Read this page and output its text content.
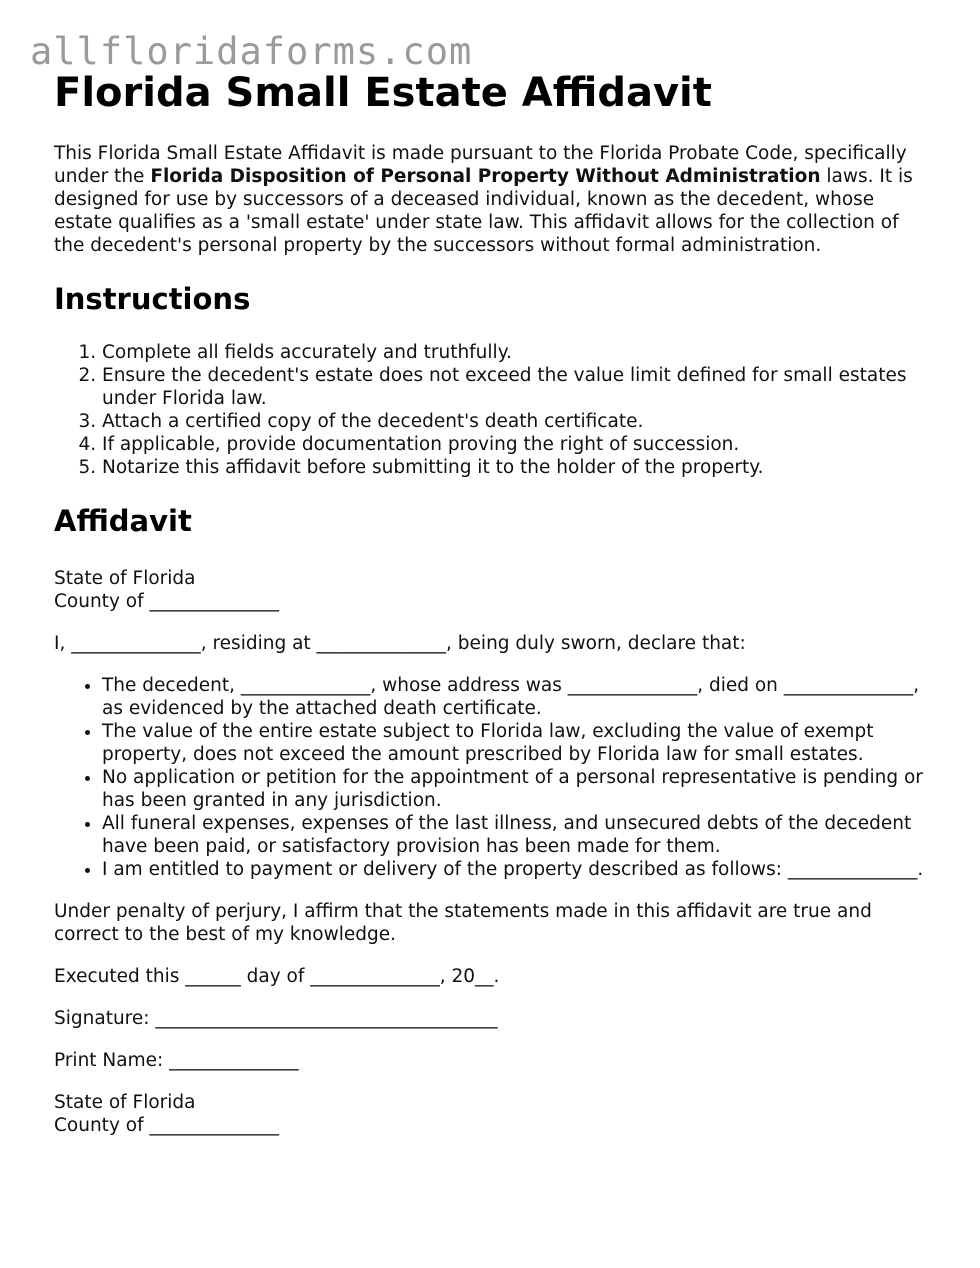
allfloridaforms.com
Florida Small Estate Affidavit

This Florida Small Estate Affidavit is made pursuant to the Florida Probate Code, specifically under the Florida Disposition of Personal Property Without Administration laws. It is designed for use by successors of a deceased individual, known as the decedent, whose estate qualifies as a 'small estate' under state law. This affidavit allows for the collection of the decedent's personal property by the successors without formal administration.

Instructions
1. Complete all fields accurately and truthfully.
2. Ensure the decedent's estate does not exceed the value limit defined for small estates under Florida law.
3. Attach a certified copy of the decedent's death certificate.
4. If applicable, provide documentation proving the right of succession.
5. Notarize this affidavit before submitting it to the holder of the property.
Affidavit
State of Florida
County of ______________

I, ______________, residing at ______________, being duly sworn, declare that:

• The decedent, ______________, whose address was ______________, died on ______________, as evidenced by the attached death certificate.
• The value of the entire estate subject to Florida law, excluding the value of exempt property, does not exceed the amount prescribed by Florida law for small estates.
• No application or petition for the appointment of a personal representative is pending or has been granted in any jurisdiction.
• All funeral expenses, expenses of the last illness, and unsecured debts of the decedent have been paid, or satisfactory provision has been made for them.
• I am entitled to payment or delivery of the property described as follows: ______________.

Under penalty of perjury, I affirm that the statements made in this affidavit are true and correct to the best of my knowledge.

Executed this ______ day of ______________, 20__.

Signature: _____________________________________

Print Name: ______________

State of Florida
County of ______________
